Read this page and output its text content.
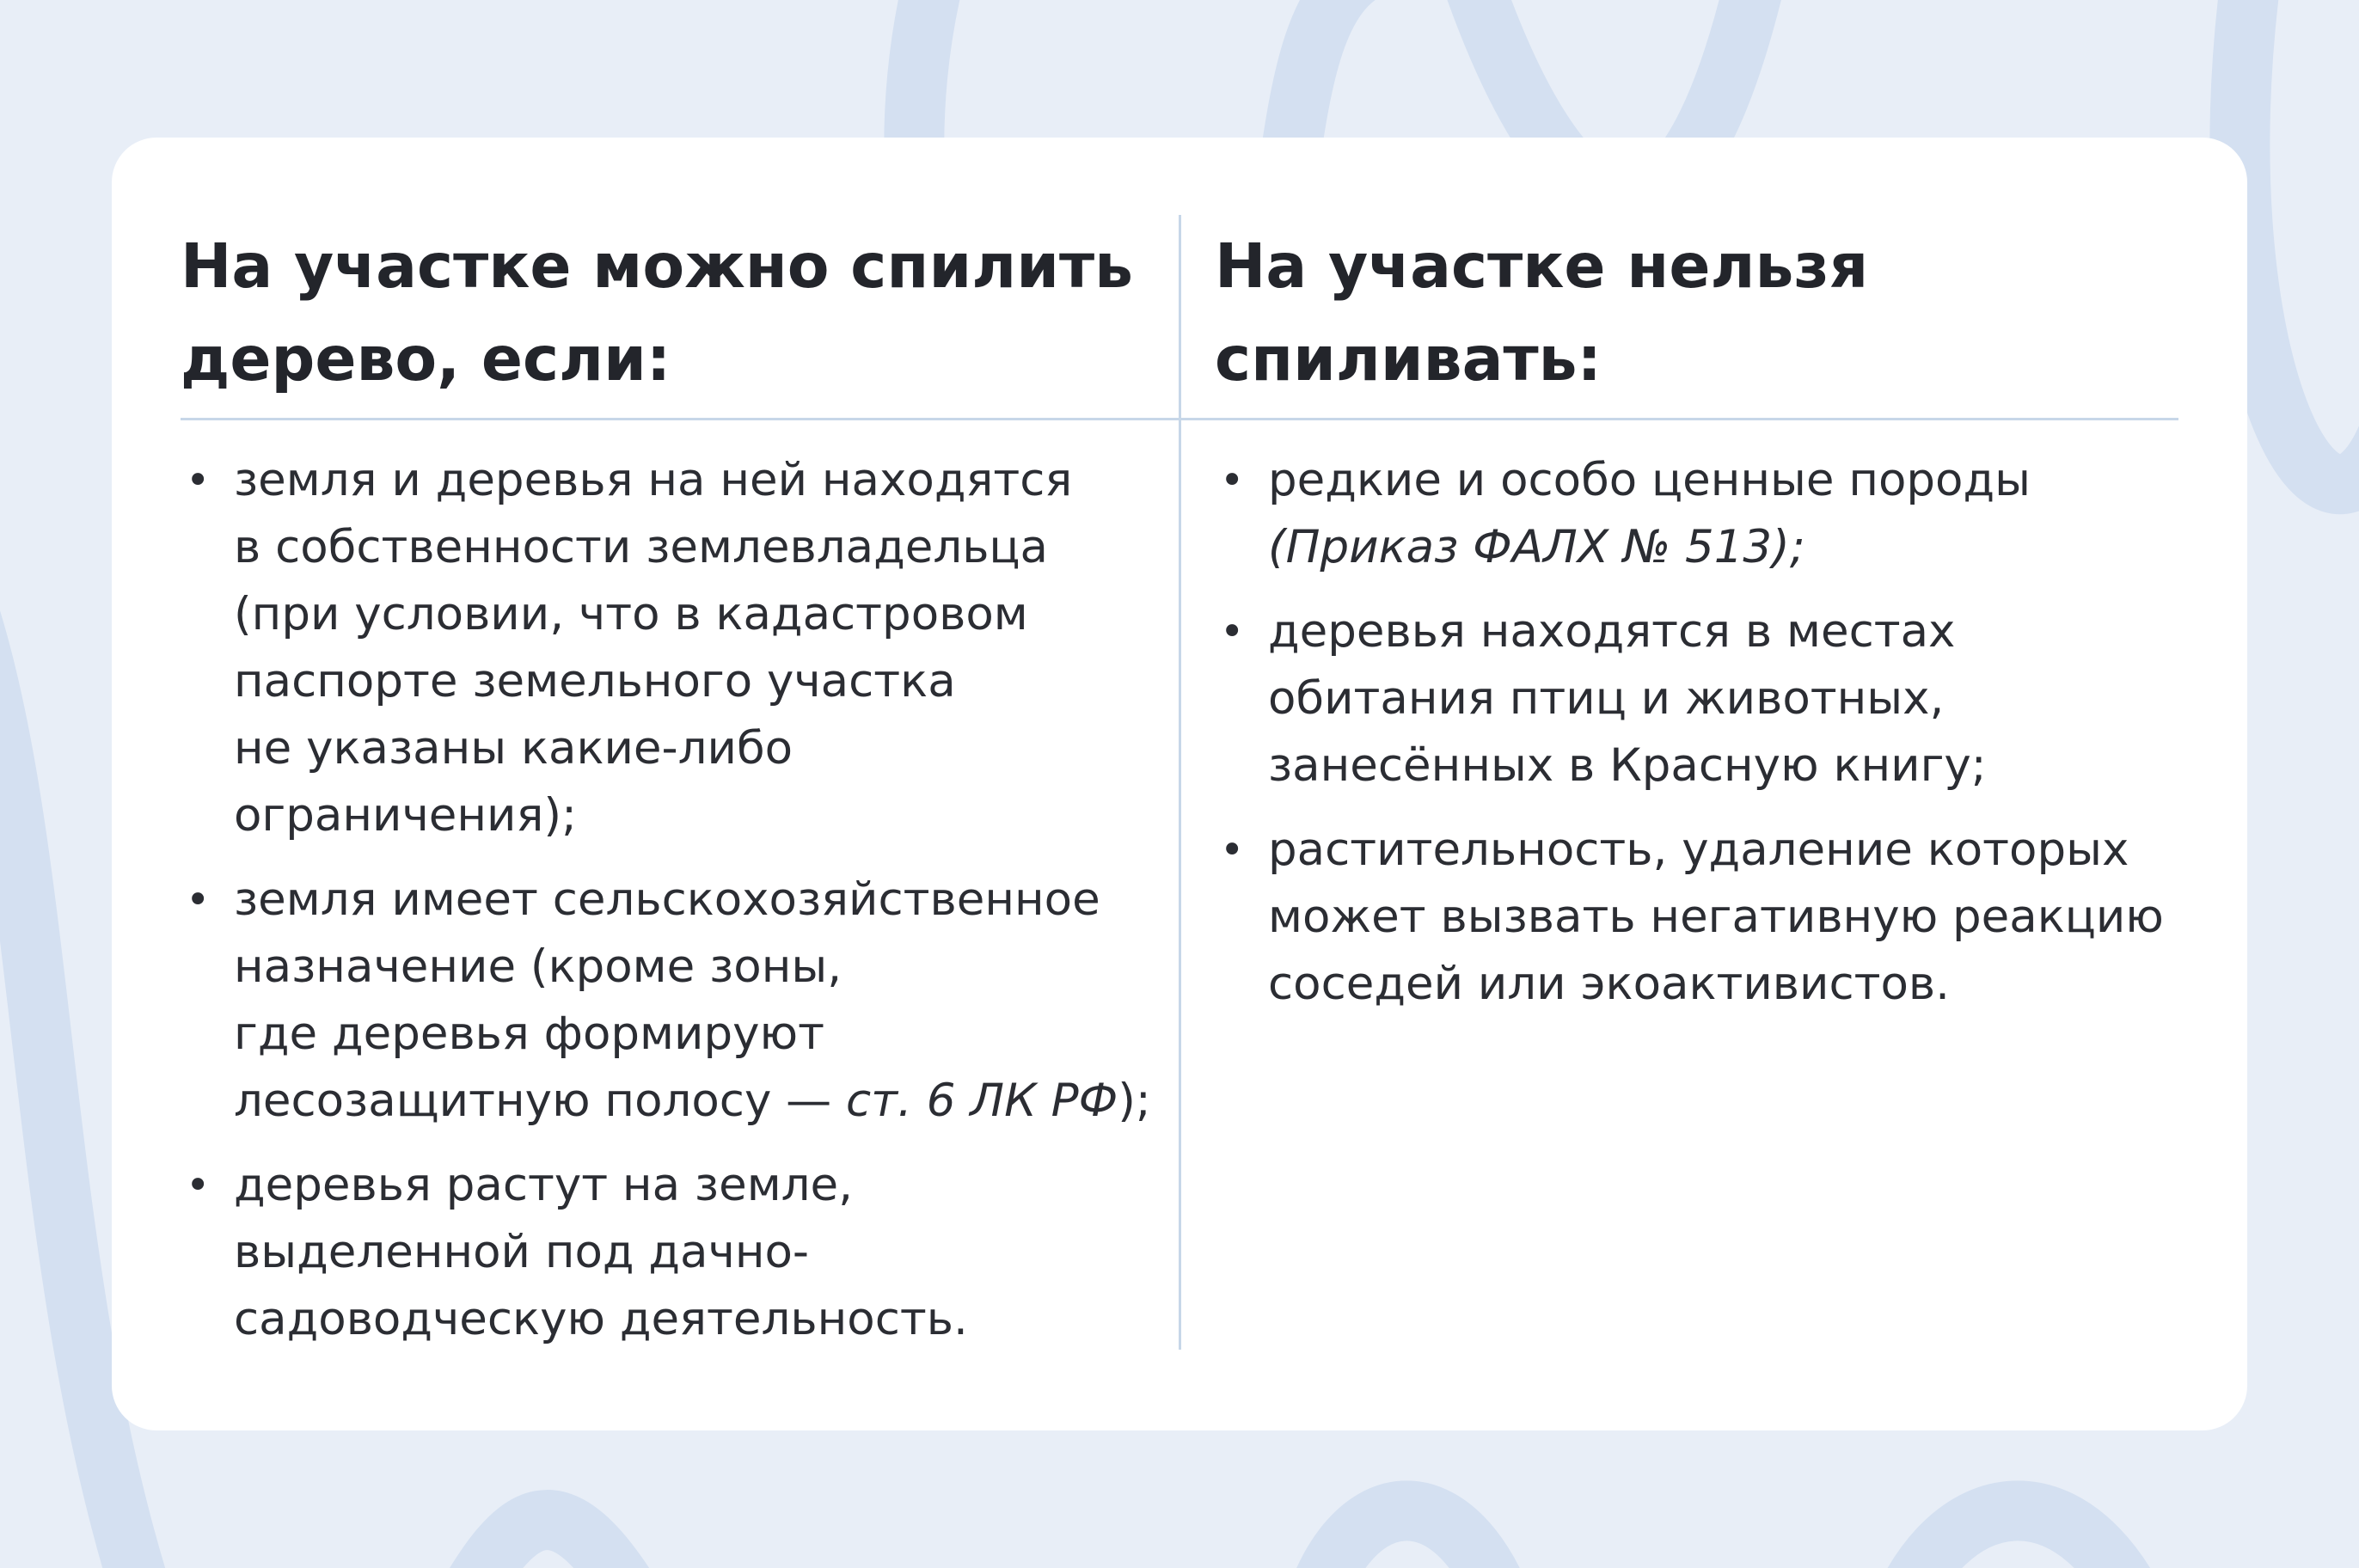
На участке можно спилить
дерево, если:
• земля и деревья на ней находятся
в собственности землевладельца
(при условии, что в кадастровом
паспорте земельного участка
не указаны какие-либо
ограничения);
• земля имеет сельскохозяйственное
назначение (кроме зоны,
где деревья формируют
лесозащитную полосу — ст. 6 ЛК РФ);
• деревья растут на земле,
выделенной под дачно-
садоводческую деятельность.
На участке нельзя
спиливать:
• редкие и особо ценные породы
(Приказ ФАЛХ № 513);
• деревья находятся в местах
обитания птиц и животных,
занесённых в Красную книгу;
• растительность, удаление которых
может вызвать негативную реакцию
соседей или экоактивистов.
